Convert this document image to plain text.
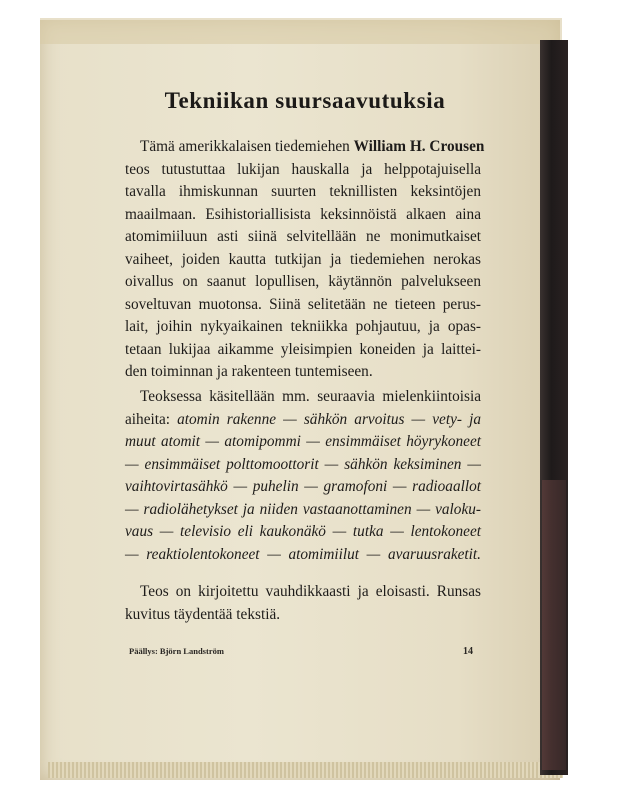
Tekniikan suursaavutuksia
Tämä amerikkalaisen tiedemiehen William H. Crousen
teos tutustuttaa lukijan hauskalla ja helppotajuisella
tavalla ihmiskunnan suurten teknillisten keksintöjen
maailmaan. Esihistoriallisista keksinnöistä alkaen aina
atomimiiluun asti siinä selvitellään ne monimutkaiset
vaiheet, joiden kautta tutkijan ja tiedemiehen nerokas
oivallus on saanut lopullisen, käytännön palvelukseen
soveltuvan muotonsa. Siinä selitetään ne tieteen perus-
lait, joihin nykyaikainen tekniikka pohjautuu, ja opas-
tetaan lukijaa aikamme yleisimpien koneiden ja laittei-
den toiminnan ja rakenteen tuntemiseen.
Teoksessa käsitellään mm. seuraavia mielenkiintoisia
aiheita: atomin rakenne — sähkön arvoitus — vety- ja
muut atomit — atomipommi — ensimmäiset höyrykoneet
— ensimmäiset polttomoottorit — sähkön keksiminen —
vaihtovirtasähkö — puhelin — gramofoni — radioaallot
— radiolähetykset ja niiden vastaanottaminen — valoku-
vaus — televisio eli kaukonäkö — tutka — lentokoneet
— reaktiolentokoneet — atomimiilut — avaruusraketit.
Teos on kirjoitettu vauhdikkaasti ja eloisasti. Runsas
kuvitus täydentää tekstiä.
Päällys: Björn Landström	14
